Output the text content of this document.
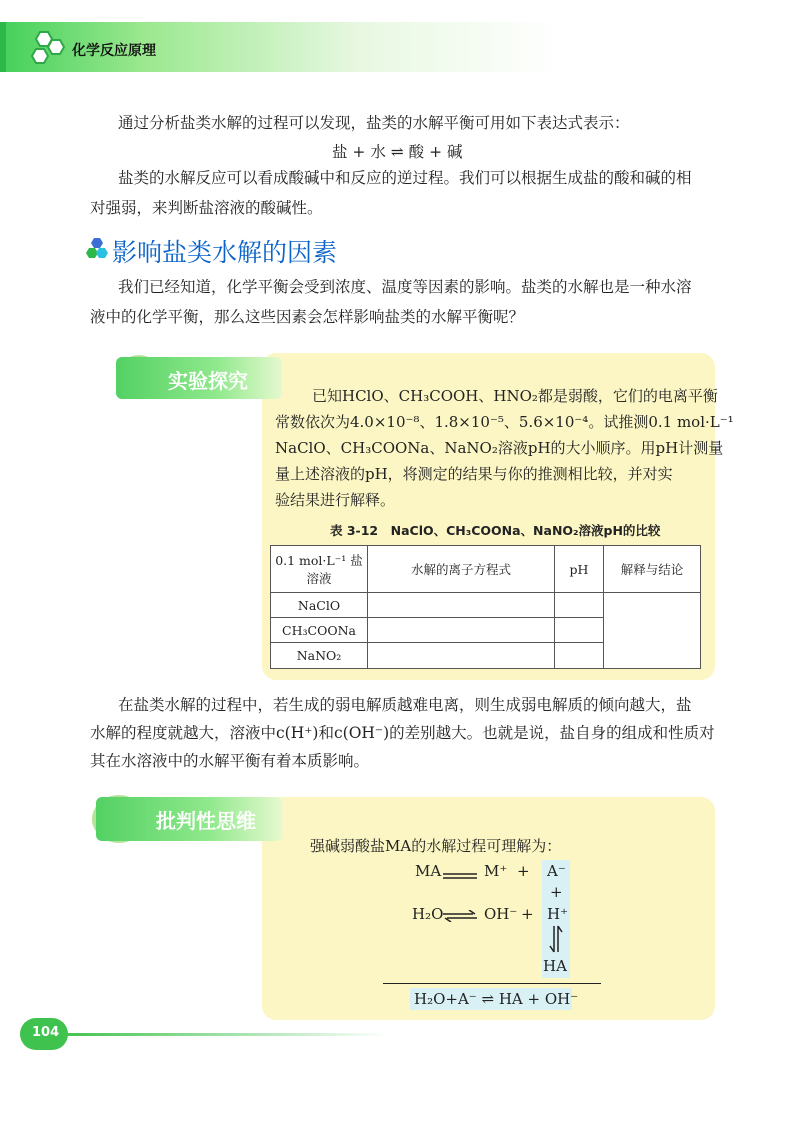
化学反应原理
通过分析盐类水解的过程可以发现，盐类的水解平衡可用如下表达式表示：
盐 + 水 ⇌ 酸 + 碱
盐类的水解反应可以看成酸碱中和反应的逆过程。我们可以根据生成盐的酸和碱的相
对强弱，来判断盐溶液的酸碱性。
影响盐类水解的因素
我们已经知道，化学平衡会受到浓度、温度等因素的影响。盐类的水解也是一种水溶
液中的化学平衡，那么这些因素会怎样影响盐类的水解平衡呢？
实验探究
已知HClO、CH₃COOH、HNO₂都是弱酸，它们的电离平衡
常数依次为4.0×10⁻⁸、1.8×10⁻⁵、5.6×10⁻⁴。试推测0.1 mol·L⁻¹
NaClO、CH₃COONa、NaNO₂溶液pH的大小顺序。用pH计测量
量上述溶液的pH，将测定的结果与你的推测相比较，并对实
验结果进行解释。
表 3-12　NaClO、CH₃COONa、NaNO₂溶液pH的比较
0.1 mol·L⁻¹ 盐溶液	水解的离子方程式	pH	解释与结论
NaClO			
CH₃COONa			
NaNO₂			
在盐类水解的过程中，若生成的弱电解质越难电离，则生成弱电解质的倾向越大，盐
水解的程度就越大，溶液中c(H⁺)和c(OH⁻)的差别越大。也就是说，盐自身的组成和性质对
其在水溶液中的水解平衡有着本质影响。
批判性思维
强碱弱酸盐MA的水解过程可理解为：
MA	M⁺ + A⁻
+
H₂O	OH⁻ + H⁺
HA
H₂O+A⁻ ⇌ HA + OH⁻
104
